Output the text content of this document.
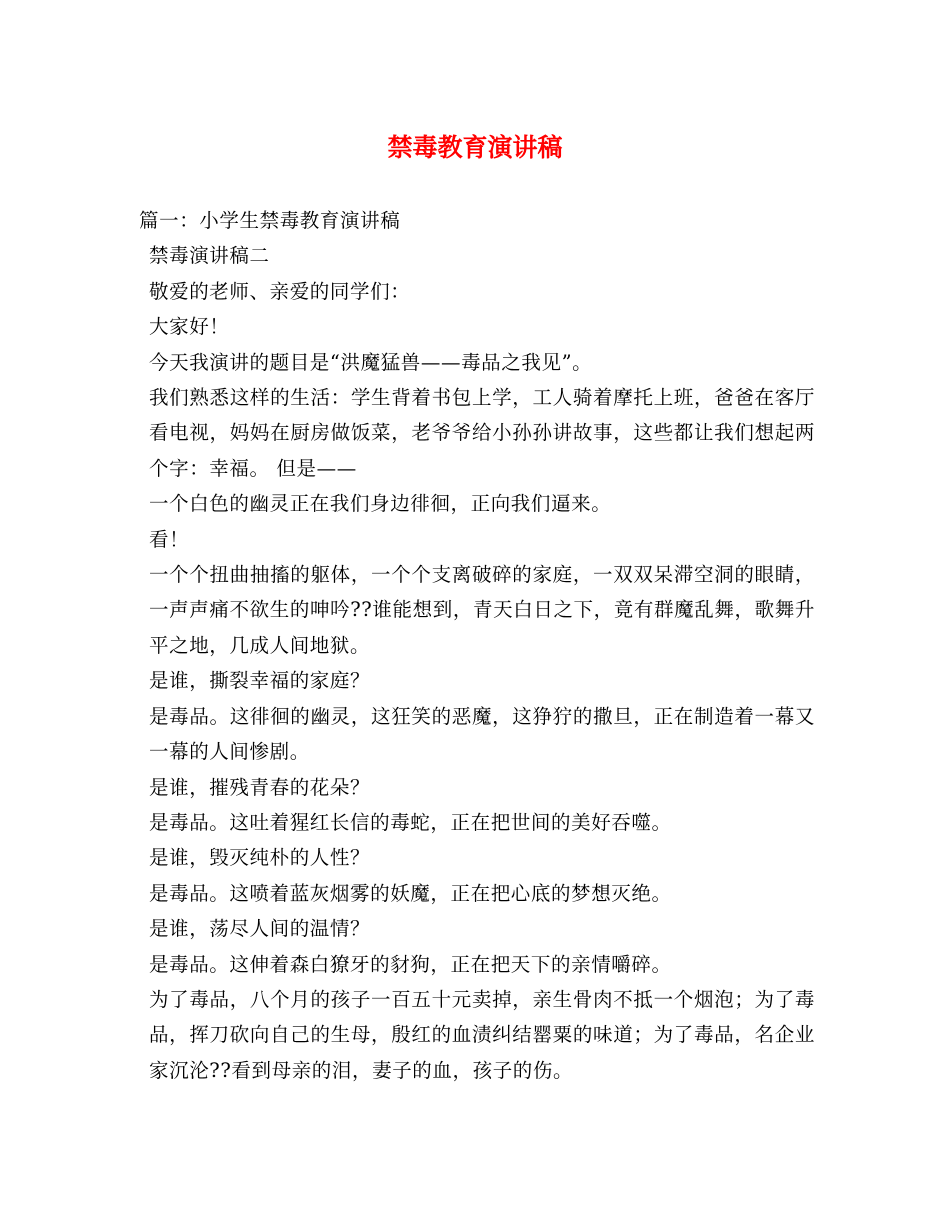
禁毒教育演讲稿

篇一：小学生禁毒教育演讲稿

禁毒演讲稿二

敬爱的老师、亲爱的同学们：

大家好！

今天我演讲的题目是“洪魔猛兽——毒品之我见”。

我们熟悉这样的生活：学生背着书包上学，工人骑着摩托上班，爸爸在客厅看电视，妈妈在厨房做饭菜，老爷爷给小孙孙讲故事，这些都让我们想起两个字：幸福。 但是——

一个白色的幽灵正在我们身边徘徊，正向我们逼来。

看！

一个个扭曲抽搐的躯体，一个个支离破碎的家庭，一双双呆滞空洞的眼睛，一声声痛不欲生的呻吟??谁能想到，青天白日之下，竟有群魔乱舞，歌舞升平之地，几成人间地狱。

是谁，撕裂幸福的家庭？

是毒品。这徘徊的幽灵，这狂笑的恶魔，这狰狞的撒旦，正在制造着一幕又一幕的人间惨剧。

是谁，摧残青春的花朵？

是毒品。这吐着猩红长信的毒蛇，正在把世间的美好吞噬。

是谁，毁灭纯朴的人性？

是毒品。这喷着蓝灰烟雾的妖魔，正在把心底的梦想灭绝。

是谁，荡尽人间的温情？

是毒品。这伸着森白獠牙的豺狗，正在把天下的亲情嚼碎。

为了毒品，八个月的孩子一百五十元卖掉，亲生骨肉不抵一个烟泡；为了毒品，挥刀砍向自己的生母，殷红的血渍纠结罂粟的味道；为了毒品，名企业家沉沦??看到母亲的泪，妻子的血，孩子的伤。
